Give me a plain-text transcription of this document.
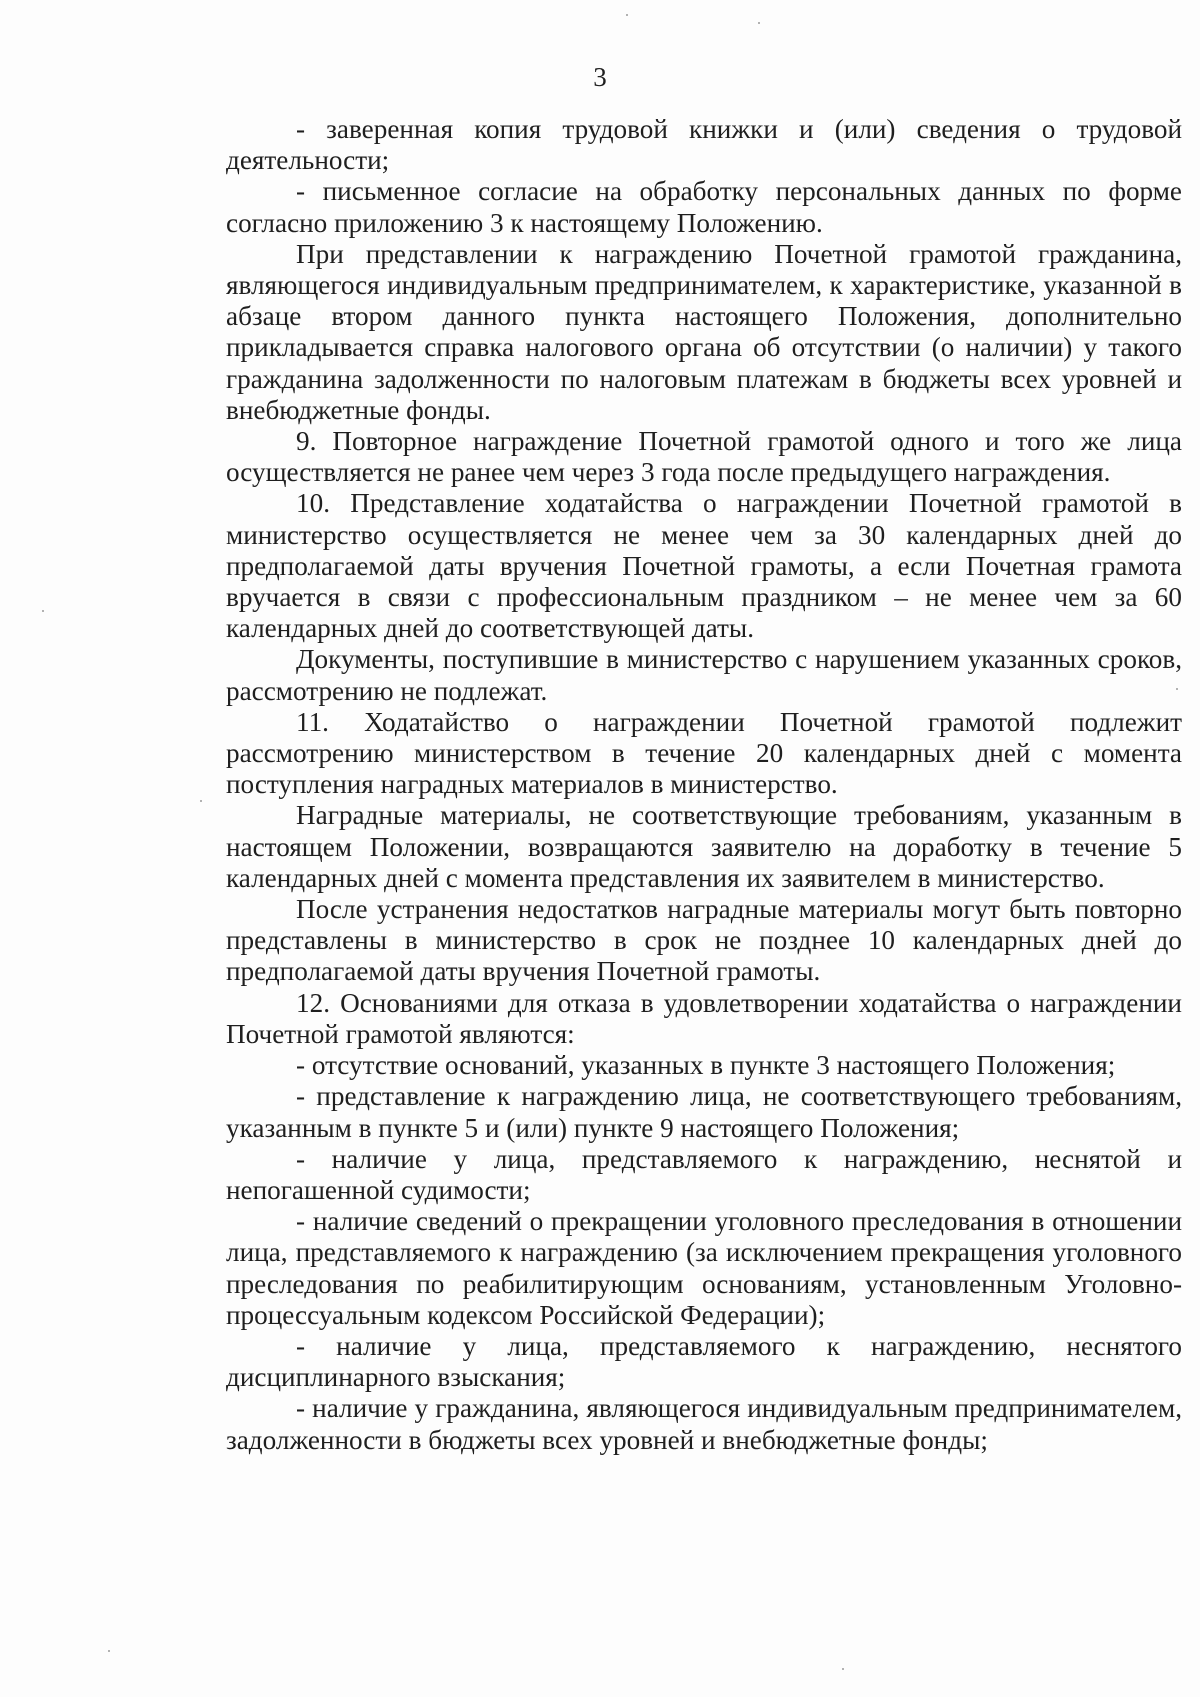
3

- заверенная копия трудовой книжки и (или) сведения о трудовой деятельности;

- письменное согласие на обработку персональных данных по форме согласно приложению 3 к настоящему Положению.

При представлении к награждению Почетной грамотой гражданина, являющегося индивидуальным предпринимателем, к характеристике, указанной в абзаце втором данного пункта настоящего Положения, дополнительно прикладывается справка налогового органа об отсутствии (о наличии) у такого гражданина задолженности по налоговым платежам в бюджеты всех уровней и внебюджетные фонды.

9. Повторное награждение Почетной грамотой одного и того же лица осуществляется не ранее чем через 3 года после предыдущего награждения.

10. Представление ходатайства о награждении Почетной грамотой в министерство осуществляется не менее чем за 30 календарных дней до предполагаемой даты вручения Почетной грамоты, а если Почетная грамота вручается в связи с профессиональным праздником – не менее чем за 60 календарных дней до соответствующей даты.

Документы, поступившие в министерство с нарушением указанных сроков, рассмотрению не подлежат.

11. Ходатайство о награждении Почетной грамотой подлежит рассмотрению министерством в течение 20 календарных дней с момента поступления наградных материалов в министерство.

Наградные материалы, не соответствующие требованиям, указанным в настоящем Положении, возвращаются заявителю на доработку в течение 5 календарных дней с момента представления их заявителем в министерство.

После устранения недостатков наградные материалы могут быть повторно представлены в министерство в срок не позднее 10 календарных дней до предполагаемой даты вручения Почетной грамоты.

12. Основаниями для отказа в удовлетворении ходатайства о награждении Почетной грамотой являются:

- отсутствие оснований, указанных в пункте 3 настоящего Положения;

- представление к награждению лица, не соответствующего требованиям, указанным в пункте 5 и (или) пункте 9 настоящего Положения;

- наличие у лица, представляемого к награждению, неснятой и непогашенной судимости;

- наличие сведений о прекращении уголовного преследования в отношении лица, представляемого к награждению (за исключением прекращения уголовного преследования по реабилитирующим основаниям, установленным Уголовно-процессуальным кодексом Российской Федерации);

- наличие у лица, представляемого к награждению, неснятого дисциплинарного взыскания;

- наличие у гражданина, являющегося индивидуальным предпринимателем, задолженности в бюджеты всех уровней и внебюджетные фонды;
